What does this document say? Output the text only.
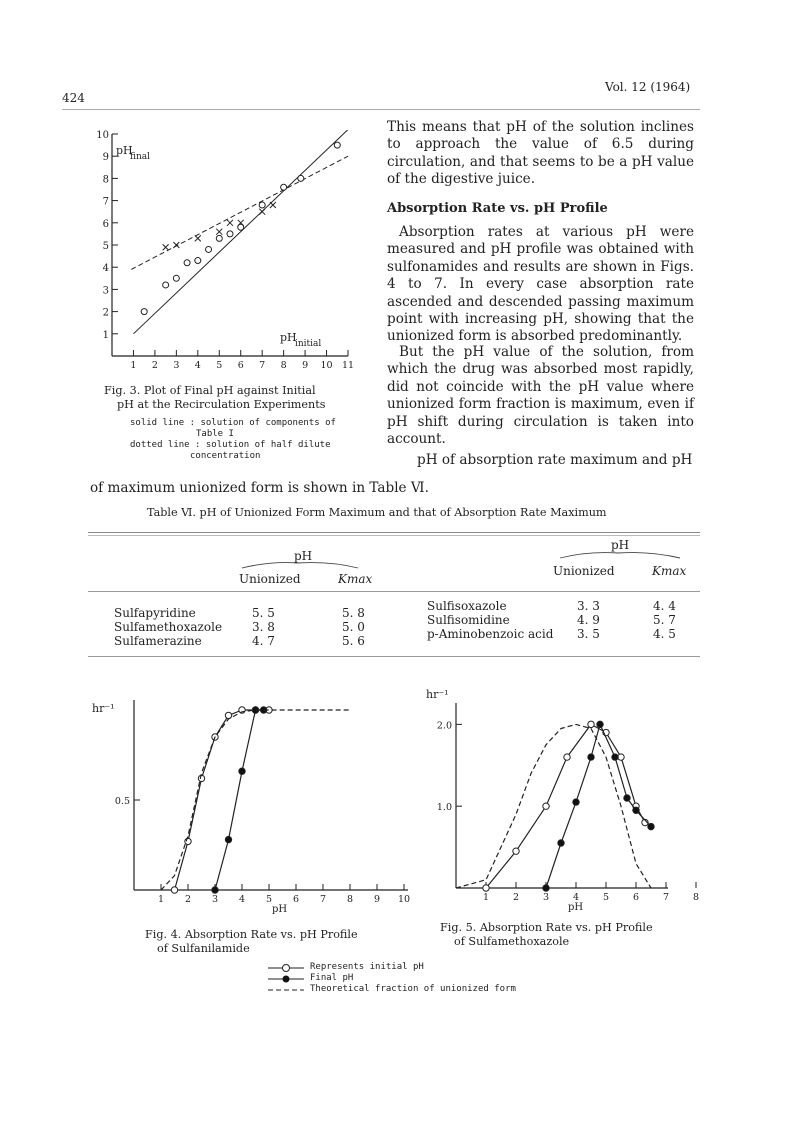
424
Vol. 12 (1964)
1
2
3
4
5
6
7
8
9
10
1 2 3 4 5 6 7 8 9 10 11
pH
final
pH
initial
Fig. 3. Plot of Final pH against Initial
pH at the Recirculation Experiments
solid line : solution of components of
Table I
dotted line : solution of half dilute
concentration
This means that pH of the solution inclines to approach the value of 6.5 during circulation, and that seems to be a pH value of the digestive juice.
Absorption Rate vs. pH Profile
Absorption rates at various pH were measured and pH profile was obtained with sulfonamides and results are shown in Figs. 4 to 7. In every case absorption rate ascended and descended passing maximum point with increasing pH, showing that the unionized form is absorbed predominantly.
But the pH value of the solution, from which the drug was absorbed most rapidly, did not coincide with the pH value where unionized form fraction is maximum, even if pH shift during circulation is taken into account.
pH of absorption rate maximum and pH
of maximum unionized form is shown in Table Ⅵ.
Table Ⅵ. pH of Unionized Form Maximum and that of Absorption Rate Maximum
pH
pH
Unionized	Kmax
Unionized	Kmax
Sulfapyridine	5. 5	5. 8
Sulfamethoxazole 3. 8	5. 0
Sulfamerazine	4. 7	5. 6
Sulfisoxazole	3. 3	4. 4
Sulfisomidine	4. 9	5. 7
p-Aminobenzoic acid 3. 5	4. 5
hr⁻¹
pH
1 2 3 4 5 6 7 8 9 10
0.5
Fig. 4. Absorption Rate vs. pH Profile
of Sulfanilamide
hr⁻¹
pH
1	2	3	4	5	6	7	8
1.0
2.0
Fig. 5. Absorption Rate vs. pH Profile
of Sulfamethoxazole
Represents initial pH
Final pH
Theoretical fraction of unionized form
